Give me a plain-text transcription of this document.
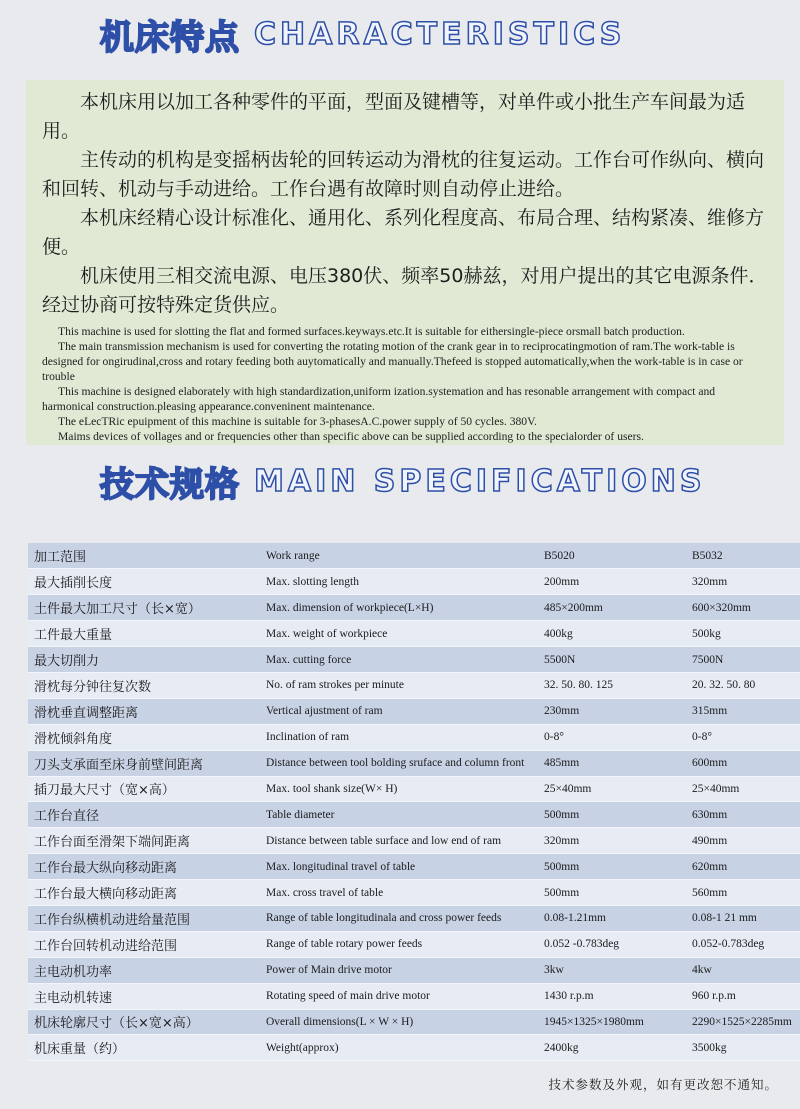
机床特点 CHARACTERISTICS

本机床用以加工各种零件的平面，型面及键槽等，对单件或小批生产车间最为适用。

主传动的机构是变摇柄齿轮的回转运动为滑枕的往复运动。工作台可作纵向、横向和回转、机动与手动进给。工作台遇有故障时则自动停止进给。

本机床经精心设计标准化、通用化、系列化程度高、布局合理、结构紧凑、维修方便。

机床使用三相交流电源、电压380伏、频率50赫兹，对用户提出的其它电源条件．经过协商可按特殊定货供应。

This machine is used for slotting the flat and formed surfaces.keyways.etc.It is suitable for eithersingle-piece orsmall batch production.

The main transmission mechanism is used for converting the rotating motion of the crank gear in to reciprocatingmotion of ram.The work-table is designed for ongirudinal,cross and rotary feeding both auytomatically and manually.Thefeed is stopped automatically,when the work-table is in case or trouble

This machine is designed elaborately with high standardization,uniform ization.systemation and has resonable arrangement with compact and harmonical construction.pleasing appearance.conveninent maintenance.

The eLecTRic epuipment of this machine is suitable for 3-phasesA.C.power supply of 50 cycles. 380V.

Maims devices of vollages and or frequencies other than specific above can be supplied according to the specialorder of users.

技术规格 MAIN SPECIFICATIONS
加工范围	Work range	B5020	B5032
最大插削长度	Max. slotting length	200mm	320mm
土件最大加工尺寸（长×宽）	Max. dimension of workpiece(L×H)	485×200mm	600×320mm
工件最大重量	Max. weight of workpiece	400kg	500kg
最大切削力	Max. cutting force	5500N	7500N
滑枕每分钟往复次数	No. of ram strokes per minute	32. 50. 80. 125	20. 32. 50. 80
滑枕垂直调整距离	Vertical ajustment of ram	230mm	315mm
滑枕倾斜角度	Inclination of ram	0-8°	0-8°
刀头支承面至床身前壁间距离	Distance between tool bolding sruface and column front	485mm	600mm
插刀最大尺寸（宽×高）	Max. tool shank size(W× H)	25×40mm	25×40mm
工作台直径	Table diameter	500mm	630mm
工作台面至滑架下端间距离	Distance between table surface and low end of ram	320mm	490mm
工作台最大纵向移动距离	Max. longitudinal travel of table	500mm	620mm
工作台最大横向移动距离	Max. cross travel of table	500mm	560mm
工作台纵横机动进给量范围	Range of table longitudinala and cross power feeds	0.08-1.21mm	0.08-1 21 mm
工作台回转机动进给范围	Range of table rotary power feeds	0.052 -0.783deg	0.052-0.783deg
主电动机功率	Power of Main drive motor	3kw	4kw
主电动机转速	Rotating speed of main drive motor	1430 r.p.m	960 r.p.m
机床轮廓尺寸（长×宽×高）	Overall dimensions(L × W × H)	1945×1325×1980mm	2290×1525×2285mm
机床重量（约）	Weight(approx)	2400kg	3500kg
技术参数及外观，如有更改恕不通知。
